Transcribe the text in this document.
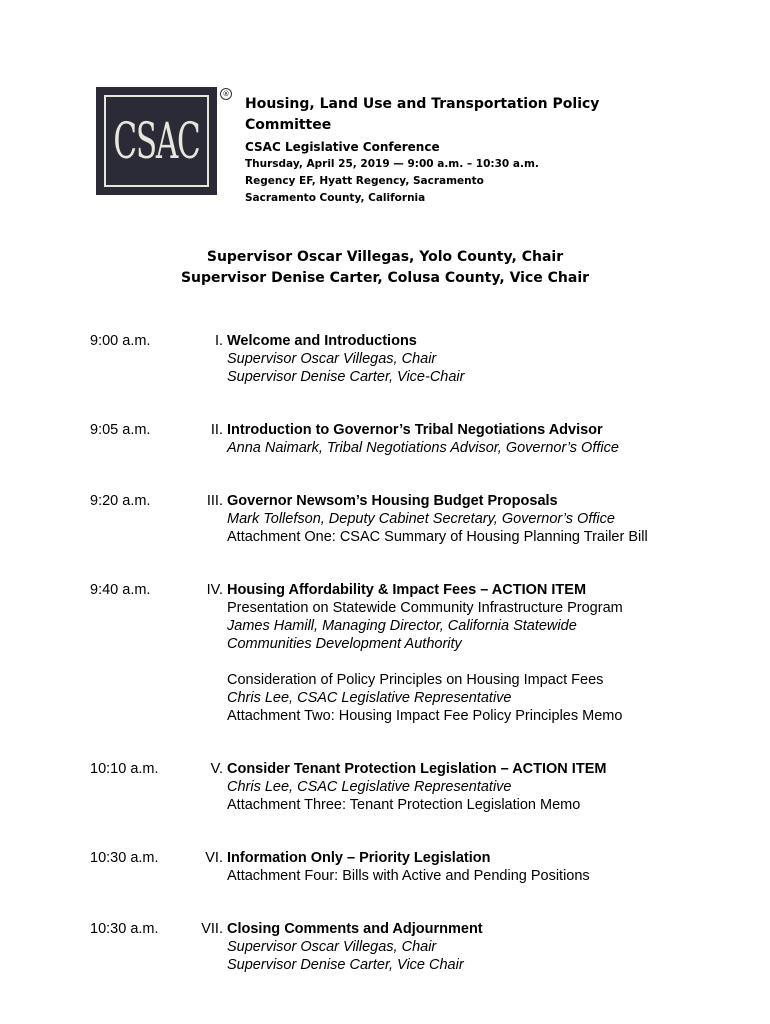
CSAC
®
Housing, Land Use and Transportation Policy
Committee
CSAC Legislative Conference
Thursday, April 25, 2019 — 9:00 a.m. – 10:30 a.m.
Regency EF, Hyatt Regency, Sacramento
Sacramento County, California
Supervisor Oscar Villegas, Yolo County, Chair
Supervisor Denise Carter, Colusa County, Vice Chair
9:00 a.m.	I. Welcome and Introductions
Supervisor Oscar Villegas, Chair
Supervisor Denise Carter, Vice-Chair
9:05 a.m.	II. Introduction to Governor’s Tribal Negotiations Advisor
Anna Naimark, Tribal Negotiations Advisor, Governor’s Office
9:20 a.m.	III. Governor Newsom’s Housing Budget Proposals
Mark Tollefson, Deputy Cabinet Secretary, Governor’s Office
Attachment One: CSAC Summary of Housing Planning Trailer Bill
9:40 a.m.	IV. Housing Affordability & Impact Fees – ACTION ITEM
Presentation on Statewide Community Infrastructure Program
James Hamill, Managing Director, California Statewide
Communities Development Authority
Consideration of Policy Principles on Housing Impact Fees
Chris Lee, CSAC Legislative Representative
Attachment Two: Housing Impact Fee Policy Principles Memo
10:10 a.m.	V. Consider Tenant Protection Legislation – ACTION ITEM
Chris Lee, CSAC Legislative Representative
Attachment Three: Tenant Protection Legislation Memo
10:30 a.m.	VI. Information Only – Priority Legislation
Attachment Four: Bills with Active and Pending Positions
10:30 a.m.	VII. Closing Comments and Adjournment
Supervisor Oscar Villegas, Chair
Supervisor Denise Carter, Vice Chair
